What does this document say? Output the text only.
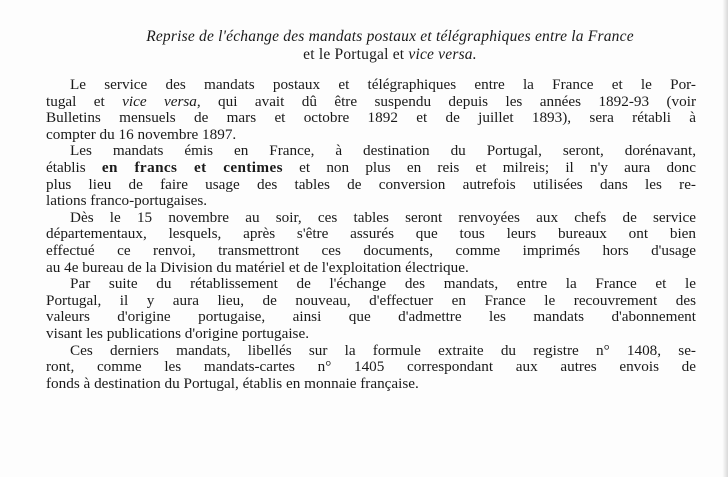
Reprise de l'échange des mandats postaux et télégraphiques entre la France
et le Portugal et vice versa.

Le service des mandats postaux et télégraphiques entre la France et le Por-
tugal et vice versa, qui avait dû être suspendu depuis les années 1892-93 (voir
Bulletins mensuels de mars et octobre 1892 et de juillet 1893), sera rétabli à
compter du 16 novembre 1897.

Les mandats émis en France, à destination du Portugal, seront, dorénavant,
établis en francs et centimes et non plus en reis et milreis; il n'y aura donc
plus lieu de faire usage des tables de conversion autrefois utilisées dans les re-
lations franco-portugaises.

Dès le 15 novembre au soir, ces tables seront renvoyées aux chefs de service
départementaux, lesquels, après s'être assurés que tous leurs bureaux ont bien
effectué ce renvoi, transmettront ces documents, comme imprimés hors d'usage
au 4e bureau de la Division du matériel et de l'exploitation électrique.

Par suite du rétablissement de l'échange des mandats, entre la France et le
Portugal, il y aura lieu, de nouveau, d'effectuer en France le recouvrement des
valeurs d'origine portugaise, ainsi que d'admettre les mandats d'abonnement
visant les publications d'origine portugaise.

Ces derniers mandats, libellés sur la formule extraite du registre n° 1408, se-
ront, comme les mandats-cartes n° 1405 correspondant aux autres envois de
fonds à destination du Portugal, établis en monnaie française.
